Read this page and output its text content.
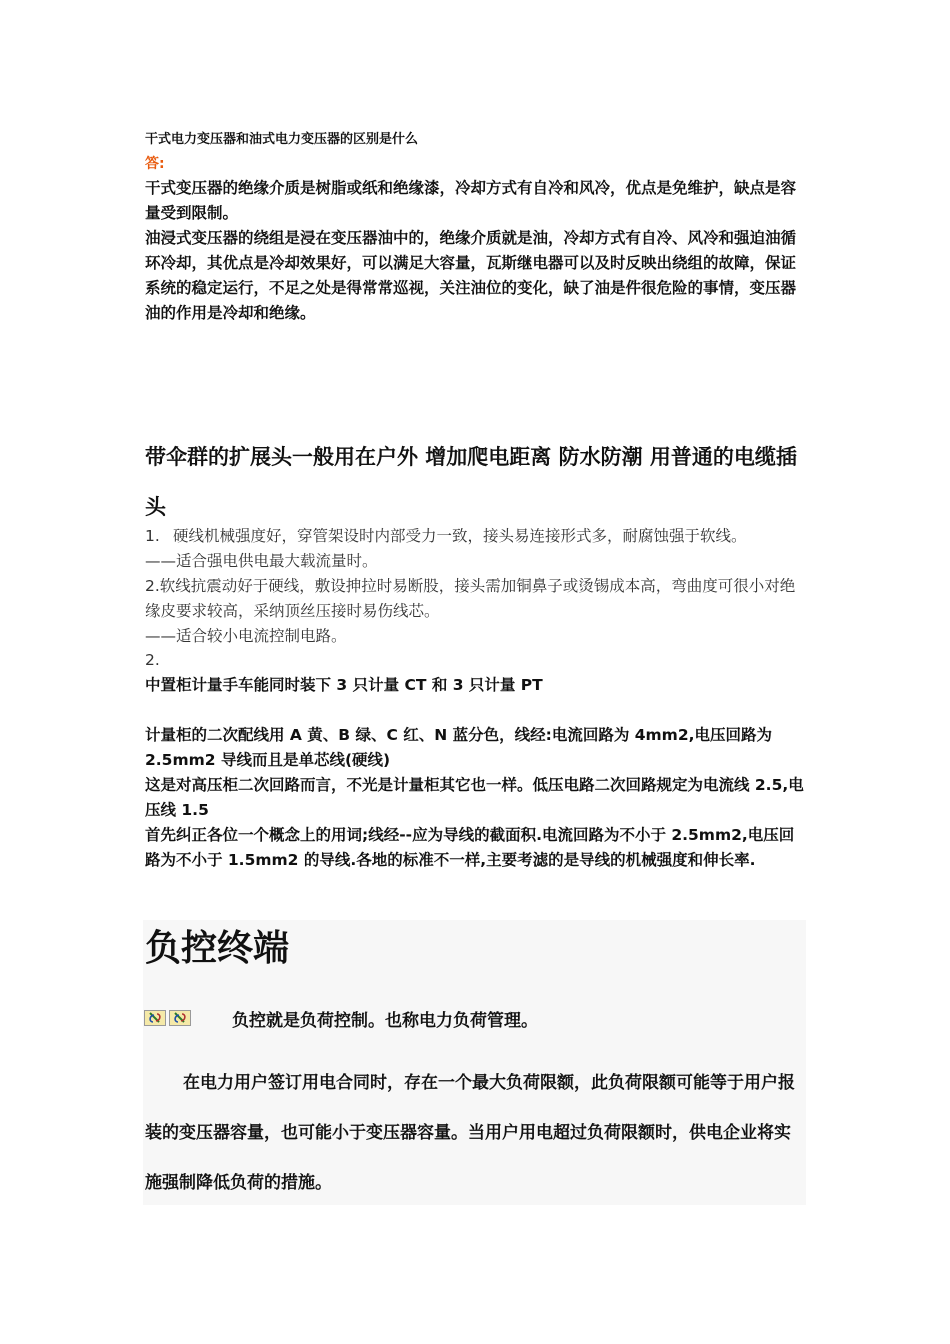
干式电力变压器和油式电力变压器的区别是什么
答:
干式变压器的绝缘介质是树脂或纸和绝缘漆，冷却方式有自冷和风冷，优点是免维护，缺点是容量受到限制。
油浸式变压器的绕组是浸在变压器油中的，绝缘介质就是油，冷却方式有自冷、风冷和强迫油循环冷却，其优点是冷却效果好，可以满足大容量，瓦斯继电器可以及时反映出绕组的故障，保证系统的稳定运行，不足之处是得常常巡视，关注油位的变化，缺了油是件很危险的事情，变压器油的作用是冷却和绝缘。
带伞群的扩展头一般用在户外 增加爬电距离 防水防潮 用普通的电缆插头
1. 硬线机械强度好，穿管架设时内部受力一致，接头易连接形式多，耐腐蚀强于软线。
——适合强电供电最大载流量时。
2.软线抗震动好于硬线，敷设抻拉时易断股，接头需加铜鼻子或烫锡成本高，弯曲度可很小对绝缘皮要求较高，采纳顶丝压接时易伤线芯。
——适合较小电流控制电路。
2.
中置柜计量手车能同时装下 3 只计量 CT 和 3 只计量 PT
计量柜的二次配线用 A 黄、B 绿、C 红、N 蓝分色，线经:电流回路为 4mm2,电压回路为 2.5mm2 导线而且是单芯线(硬线)
这是对高压柜二次回路而言，不光是计量柜其它也一样。低压电路二次回路规定为电流线 2.5,电压线 1.5
首先纠正各位一个概念上的用词;线经--应为导线的截面积.电流回路为不小于 2.5mm2,电压回路为不小于 1.5mm2 的导线.各地的标准不一样,主要考滤的是导线的机械强度和伸长率.
负控终端
负控就是负荷控制。也称电力负荷管理。
在电力用户签订用电合同时，存在一个最大负荷限额，此负荷限额可能等于用户报装的变压器容量，也可能小于变压器容量。当用户用电超过负荷限额时，供电企业将实施强制降低负荷的措施。
